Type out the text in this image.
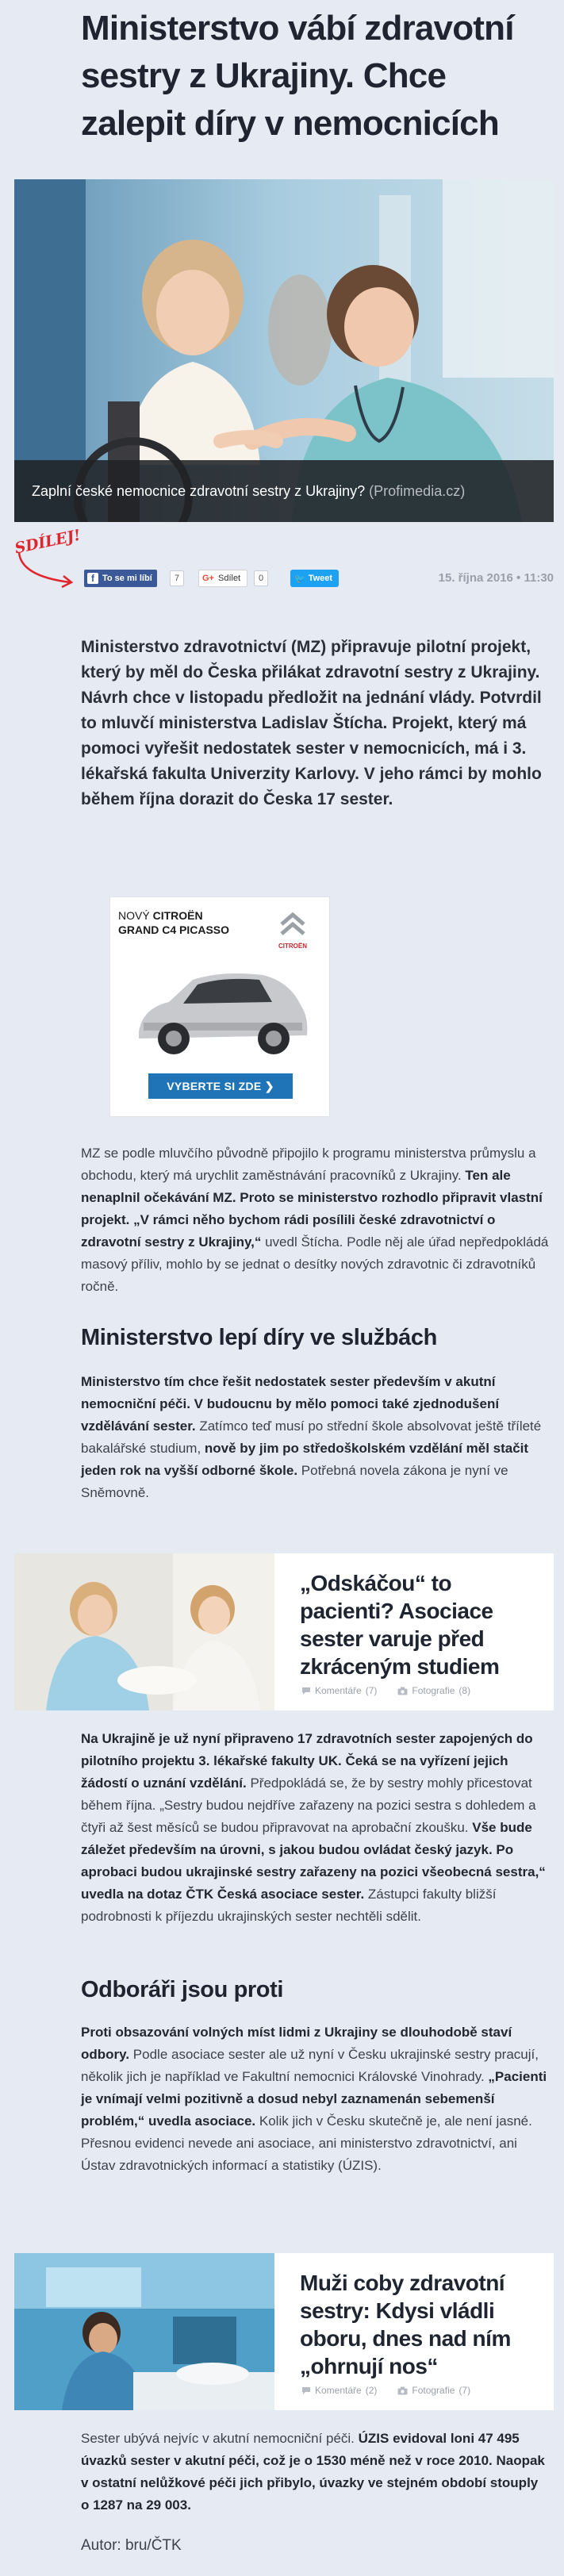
Ministerstvo vábí zdravotní sestry z Ukrajiny. Chce zalepit díry v nemocnicích
Zaplní české nemocnice zdravotní sestry z Ukrajiny? (Profimedia.cz)
SDÍLEJ!
f To se mi líbí	7	G+ Sdílet	0	🐦 Tweet	15. října 2016 • 11:30

Ministerstvo zdravotnictví (MZ) připravuje pilotní projekt, který by měl do Česka přilákat zdravotní sestry z Ukrajiny. Návrh chce v listopadu předložit na jednání vlády. Potvrdil to mluvčí ministerstva Ladislav Štícha. Projekt, který má pomoci vyřešit nedostatek sester v nemocnicích, má i 3. lékařská fakulta Univerzity Karlovy. V jeho rámci by mohlo během října dorazit do Česka 17 sester.

NOVÝ CITROËN
GRAND C4 PICASSO
CITROËN
VYBERTE SI ZDE ❯

MZ se podle mluvčího původně připojilo k programu ministerstva průmyslu a obchodu, který má urychlit zaměstnávání pracovníků z Ukrajiny. Ten ale nenaplnil očekávání MZ. Proto se ministerstvo rozhodlo připravit vlastní projekt. „V rámci něho bychom rádi posílili české zdravotnictví o zdravotní sestry z Ukrajiny,“ uvedl Štícha. Podle něj ale úřad nepředpokládá masový příliv, mohlo by se jednat o desítky nových zdravotnic či zdravotníků ročně.

Ministerstvo lepí díry ve službách

Ministerstvo tím chce řešit nedostatek sester především v akutní nemocniční péči. V budoucnu by mělo pomoci také zjednodušení vzdělávání sester. Zatímco teď musí po střední škole absolvovat ještě tříleté bakalářské studium, nově by jim po středoškolském vzdělání měl stačit jeden rok na vyšší odborné škole. Potřebná novela zákona je nyní ve Sněmovně.

„Odskáčou“ to pacienti? Asociace sester varuje před zkráceným studiem
Komentáře (7)	Fotografie (8)

Na Ukrajině je už nyní připraveno 17 zdravotních sester zapojených do pilotního projektu 3. lékařské fakulty UK. Čeká se na vyřízení jejich žádostí o uznání vzdělání. Předpokládá se, že by sestry mohly přicestovat během října. „Sestry budou nejdříve zařazeny na pozici sestra s dohledem a čtyři až šest měsíců se budou připravovat na aprobační zkoušku. Vše bude záležet především na úrovni, s jakou budou ovládat český jazyk. Po aprobaci budou ukrajinské sestry zařazeny na pozici všeobecná sestra,“ uvedla na dotaz ČTK Česká asociace sester. Zástupci fakulty bližší podrobnosti k příjezdu ukrajinských sester nechtěli sdělit.

Odboráři jsou proti

Proti obsazování volných míst lidmi z Ukrajiny se dlouhodobě staví odbory. Podle asociace sester ale už nyní v Česku ukrajinské sestry pracují, několik jich je například ve Fakultní nemocnici Královské Vinohrady. „Pacienti je vnímají velmi pozitivně a dosud nebyl zaznamenán sebemenší problém,“ uvedla asociace. Kolik jich v Česku skutečně je, ale není jasné. Přesnou evidenci nevede ani asociace, ani ministerstvo zdravotnictví, ani Ústav zdravotnických informací a statistiky (ÚZIS).

Muži coby zdravotní sestry: Kdysi vládli oboru, dnes nad ním „ohrnují nos“
Komentáře (2)	Fotografie (7)

Sester ubývá nejvíc v akutní nemocniční péči. ÚZIS evidoval loni 47 495 úvazků sester v akutní péči, což je o 1530 méně než v roce 2010. Naopak v ostatní nelůžkové péči jich přibylo, úvazky ve stejném období stouply o 1287 na 29 003.

Autor: bru/ČTK
